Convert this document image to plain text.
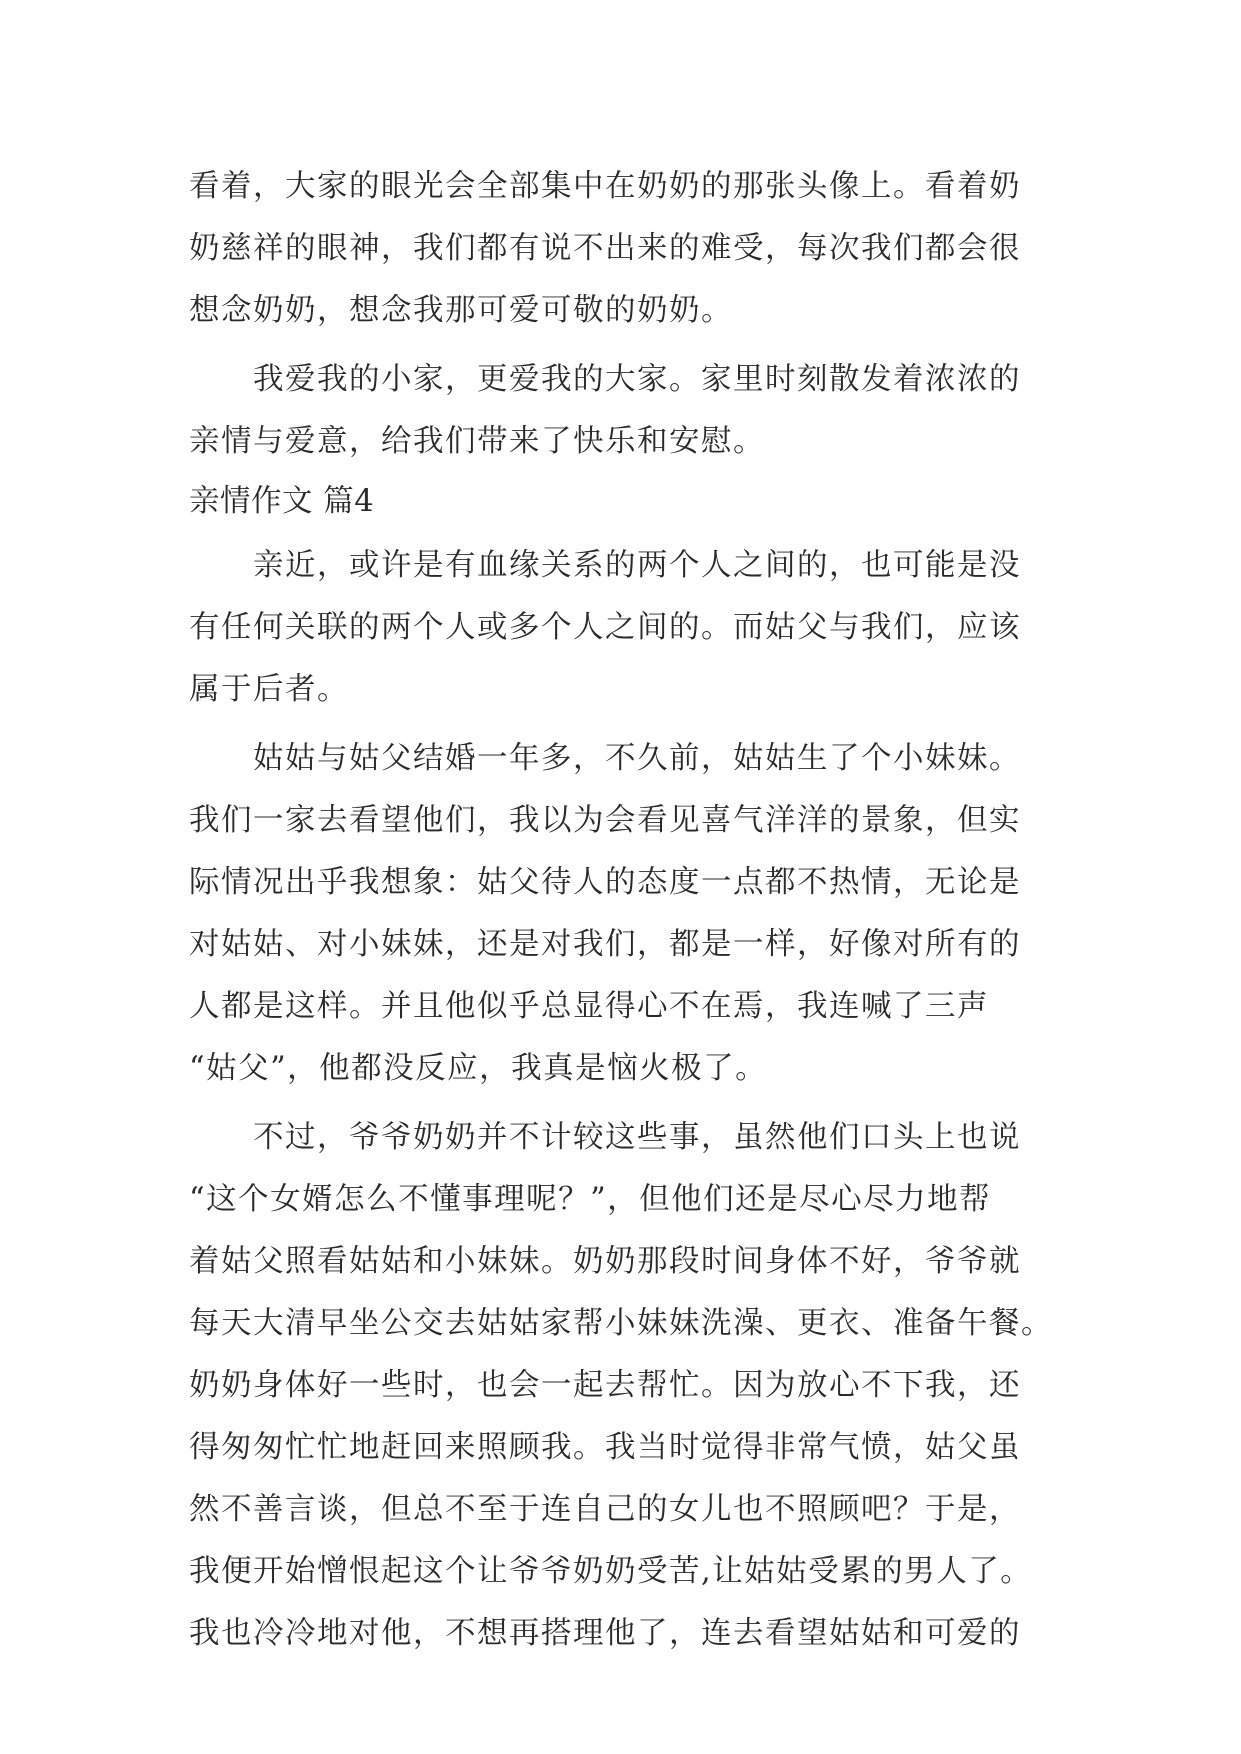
看着，大家的眼光会全部集中在奶奶的那张头像上。看着奶
奶慈祥的眼神，我们都有说不出来的难受，每次我们都会很
想念奶奶，想念我那可爱可敬的奶奶。
　　我爱我的小家，更爱我的大家。家里时刻散发着浓浓的
亲情与爱意，给我们带来了快乐和安慰。
亲情作文 篇4
　　亲近，或许是有血缘关系的两个人之间的，也可能是没
有任何关联的两个人或多个人之间的。而姑父与我们，应该
属于后者。
　　姑姑与姑父结婚一年多，不久前，姑姑生了个小妹妹。
我们一家去看望他们，我以为会看见喜气洋洋的景象，但实
际情况出乎我想象：姑父待人的态度一点都不热情，无论是
对姑姑、对小妹妹，还是对我们，都是一样，好像对所有的
人都是这样。并且他似乎总显得心不在焉，我连喊了三声
“姑父”，他都没反应，我真是恼火极了。
　　不过，爷爷奶奶并不计较这些事，虽然他们口头上也说
“这个女婿怎么不懂事理呢？”，但他们还是尽心尽力地帮
着姑父照看姑姑和小妹妹。奶奶那段时间身体不好，爷爷就
每天大清早坐公交去姑姑家帮小妹妹洗澡、更衣、准备午餐。
奶奶身体好一些时，也会一起去帮忙。因为放心不下我，还
得匆匆忙忙地赶回来照顾我。我当时觉得非常气愤，姑父虽
然不善言谈，但总不至于连自己的女儿也不照顾吧？于是，
我便开始憎恨起这个让爷爷奶奶受苦,让姑姑受累的男人了。
我也冷冷地对他，不想再搭理他了，连去看望姑姑和可爱的
